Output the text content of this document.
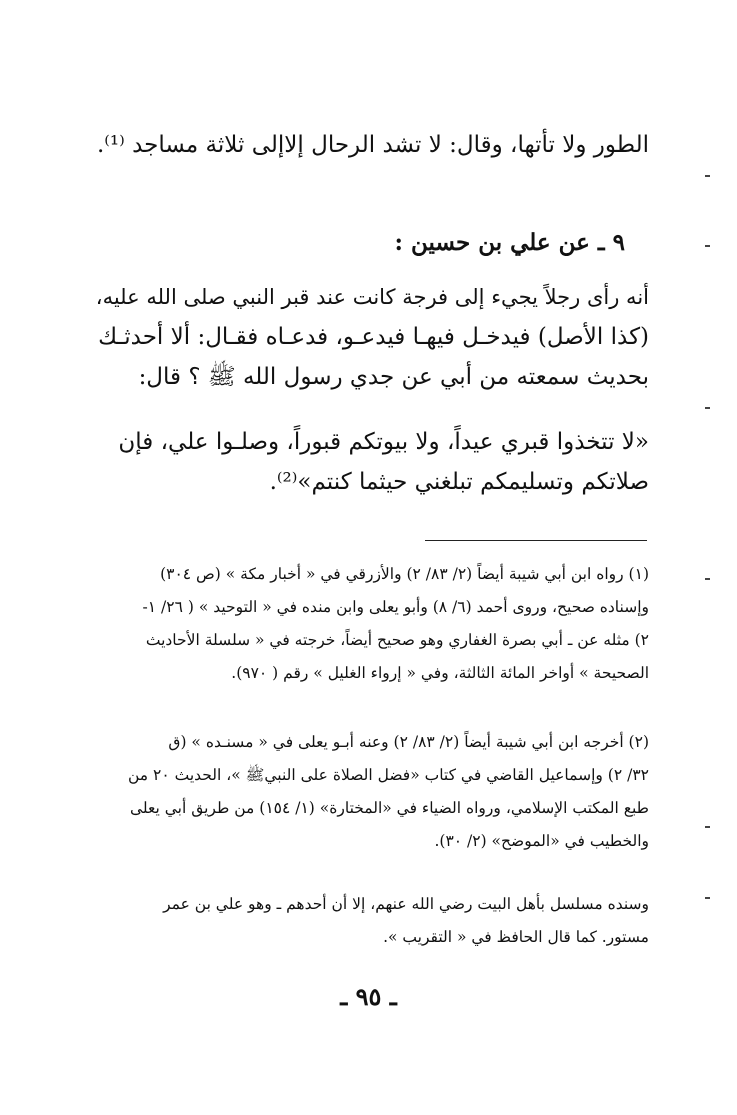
الطور ولا تأتها، وقال: لا تشد الرحال إلاإلى ثلاثة مساجد ⁽¹⁾.
٩ ـ عن علي بن حسين :
أنه رأى رجلاً يجيء إلى فرجة كانت عند قبر النبي صلى الله عليه،
(كذا الأصل) فيدخـل فيهـا فيدعـو، فدعـاه فقـال: ألا أحدثـك
بحديث سمعته من أبي عن جدي رسول الله ﷺ ؟ قال:
«لا تتخذوا قبري عيداً، ولا بيوتكم قبوراً، وصلـوا علي، فإن
صلاتكم وتسليمكم تبلغني حيثما كنتم»⁽²⁾.
(١) رواه ابن أبي شيبة أيضاً (٢/ ٨٣/ ٢) والأزرقي في « أخبار مكة » (ص ٣٠٤)
وإسناده صحيح، وروى أحمد (٦/ ٨) وأبو يعلى وابن منده في « التوحيد » ( ٢٦/ ١-
٢) مثله عن ـ أبي بصرة الغفاري وهو صحيح أيضاً، خرجته في « سلسلة الأحاديث
الصحيحة » أواخر المائة الثالثة، وفي « إرواء الغليل » رقم ( ٩٧٠).
(٢) أخرجه ابن أبي شيبة أيضاً (٢/ ٨٣/ ٢) وعنه أبـو يعلى في « مسنـده » (ق
٣٢/ ٢) وإسماعيل القاضي في كتاب «فضل الصلاة على النبيﷺ »، الحديث ٢٠ من
طبع المكتب الإسلامي، ورواه الضياء في «المختارة» (١/ ١٥٤) من طريق أبي يعلى
والخطيب في «الموضح» (٢/ ٣٠).
وسنده مسلسل بأهل البيت رضي الله عنهم، إلا أن أحدهم ـ وهو علي بن عمر
مستور. كما قال الحافظ في « التقريب ».
ـ ٩٥ ـ
